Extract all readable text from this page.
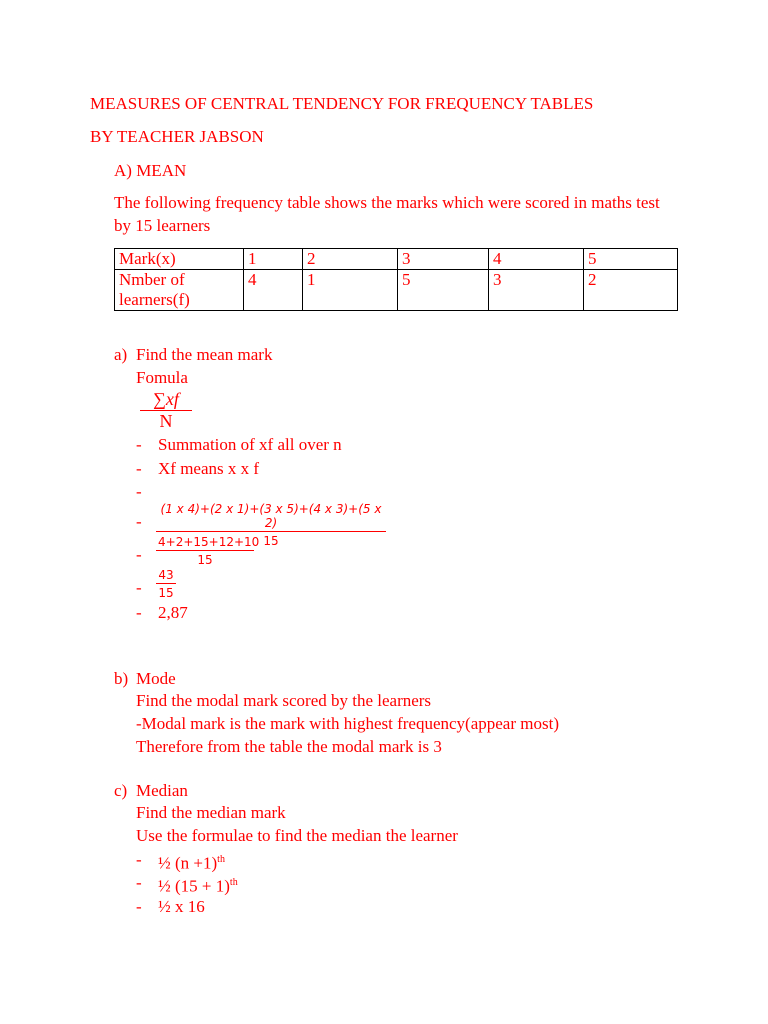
MEASURES OF CENTRAL TENDENCY FOR FREQUENCY TABLES
BY TEACHER JABSON
A) MEAN
The following frequency table shows the marks which were scored in maths test
by 15 learners
Mark(x)	1	2	3	4	5
Nmber of
learners(f)	4	1	5	3	2
a) Find the mean mark
Fomula
$\frac{\sum xf}{N}$
- Summation of xf all over n
- Xf means x x f
-
- $\frac{(1 x 4)+(2 x 1)+(3 x 5)+(4 x 3)+(5 x 2)}{15}$
- $\frac{4+2+15+12+10}{15}$
- $\frac{43}{15}$
- 2,87
b) Mode
Find the modal mark scored by the learners
-Modal mark is the mark with highest frequency(appear most)
Therefore from the table the modal mark is 3
c) Median
Find the median mark
Use the formulae to find the median the learner
- ½ $(n +1)^{th}$
- ½ $(15 + 1)^{th}$
- ½ x 16
